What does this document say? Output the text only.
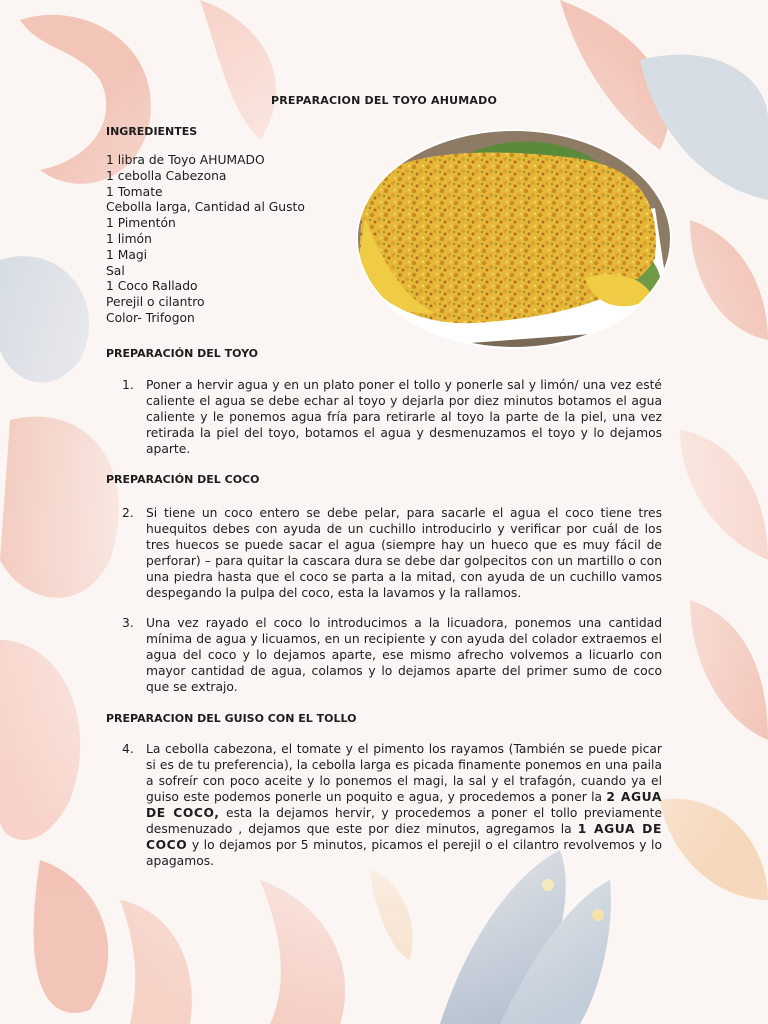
PREPARACION DEL TOYO AHUMADO
INGREDIENTES
1 libra de Toyo AHUMADO
1 cebolla Cabezona
1 Tomate
Cebolla larga, Cantidad al Gusto
1 Pimentón
1 limón
1 Magi
Sal
1 Coco Rallado
Perejil o cilantro
Color- Trifogon
PREPARACIÓN DEL TOYO
1. Poner a hervir agua y en un plato poner el tollo y ponerle sal y limón/ una vez esté caliente el agua se debe echar al toyo y dejarla por diez minutos botamos el agua caliente y le ponemos agua fría para retirarle al toyo la parte de la piel, una vez retirada la piel del toyo, botamos el agua y desmenuzamos el toyo y lo dejamos aparte.

PREPARACIÓN DEL COCO
2. Si tiene un coco entero se debe pelar, para sacarle el agua el coco tiene tres huequitos debes con ayuda de un cuchillo introducirlo y verificar por cuál de los tres huecos se puede sacar el agua (siempre hay un hueco que es muy fácil de perforar) – para quitar la cascara dura se debe dar golpecitos con un martillo o con una piedra hasta que el coco se parta a la mitad, con ayuda de un cuchillo vamos despegando la pulpa del coco, esta la lavamos y la rallamos.

3. Una vez rayado el coco lo introducimos a la licuadora, ponemos una cantidad mínima de agua y licuamos, en un recipiente y con ayuda del colador extraemos el agua del coco y lo dejamos aparte, ese mismo afrecho volvemos a licuarlo con mayor cantidad de agua, colamos y lo dejamos aparte del primer sumo de coco que se extrajo.

PREPARACION DEL GUISO CON EL TOLLO
4. La cebolla cabezona, el tomate y el pimento los rayamos (También se puede picar si es de tu preferencia), la cebolla larga es picada finamente ponemos en una paila a sofreír con poco aceite y lo ponemos el magi, la sal y el trafagón, cuando ya el guiso este podemos ponerle un poquito e agua, y procedemos a poner la 2 AGUA DE COCO, esta la dejamos hervir, y procedemos a poner el tollo previamente desmenuzado , dejamos que este por diez minutos, agregamos la 1 AGUA DE COCO y lo dejamos por 5 minutos, picamos el perejil o el cilantro revolvemos y lo apagamos.
